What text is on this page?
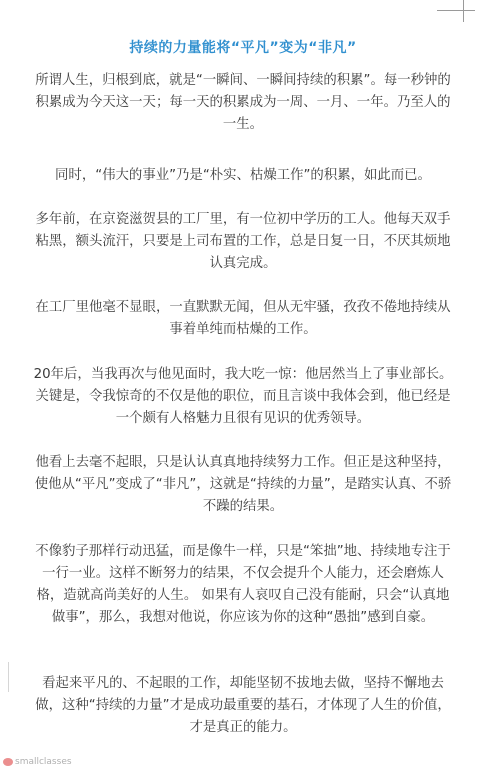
持续的力量能将“平凡”变为“非凡”

所谓人生，归根到底，就是“一瞬间、一瞬间持续的积累”。每一秒钟的积累成为今天这一天；每一天的积累成为一周、一月、一年。乃至人的一生。

同时，“伟大的事业”乃是“朴实、枯燥工作”的积累，如此而已。

多年前，在京瓷滋贺县的工厂里，有一位初中学历的工人。他每天双手粘黑，额头流汗，只要是上司布置的工作，总是日复一日，不厌其烦地认真完成。

在工厂里他毫不显眼，一直默默无闻，但从无牢骚，孜孜不倦地持续从事着单纯而枯燥的工作。

20年后，当我再次与他见面时，我大吃一惊：他居然当上了事业部长。关键是，令我惊奇的不仅是他的职位，而且言谈中我体会到，他已经是一个颇有人格魅力且很有见识的优秀领导。

他看上去毫不起眼，只是认认真真地持续努力工作。但正是这种坚持，使他从“平凡”变成了“非凡”，这就是“持续的力量”，是踏实认真、不骄不躁的结果。

不像豹子那样行动迅猛，而是像牛一样，只是“笨拙”地、持续地专注于一行一业。这样不断努力的结果，不仅会提升个人能力，还会磨炼人格，造就高尚美好的人生。 如果有人哀叹自己没有能耐，只会“认真地做事”，那么，我想对他说，你应该为你的这种“愚拙”感到自豪。

看起来平凡的、不起眼的工作，却能坚韧不拔地去做，坚持不懈地去做，这种“持续的力量”才是成功最重要的基石，才体现了人生的价值，才是真正的能力。

smallclasses
